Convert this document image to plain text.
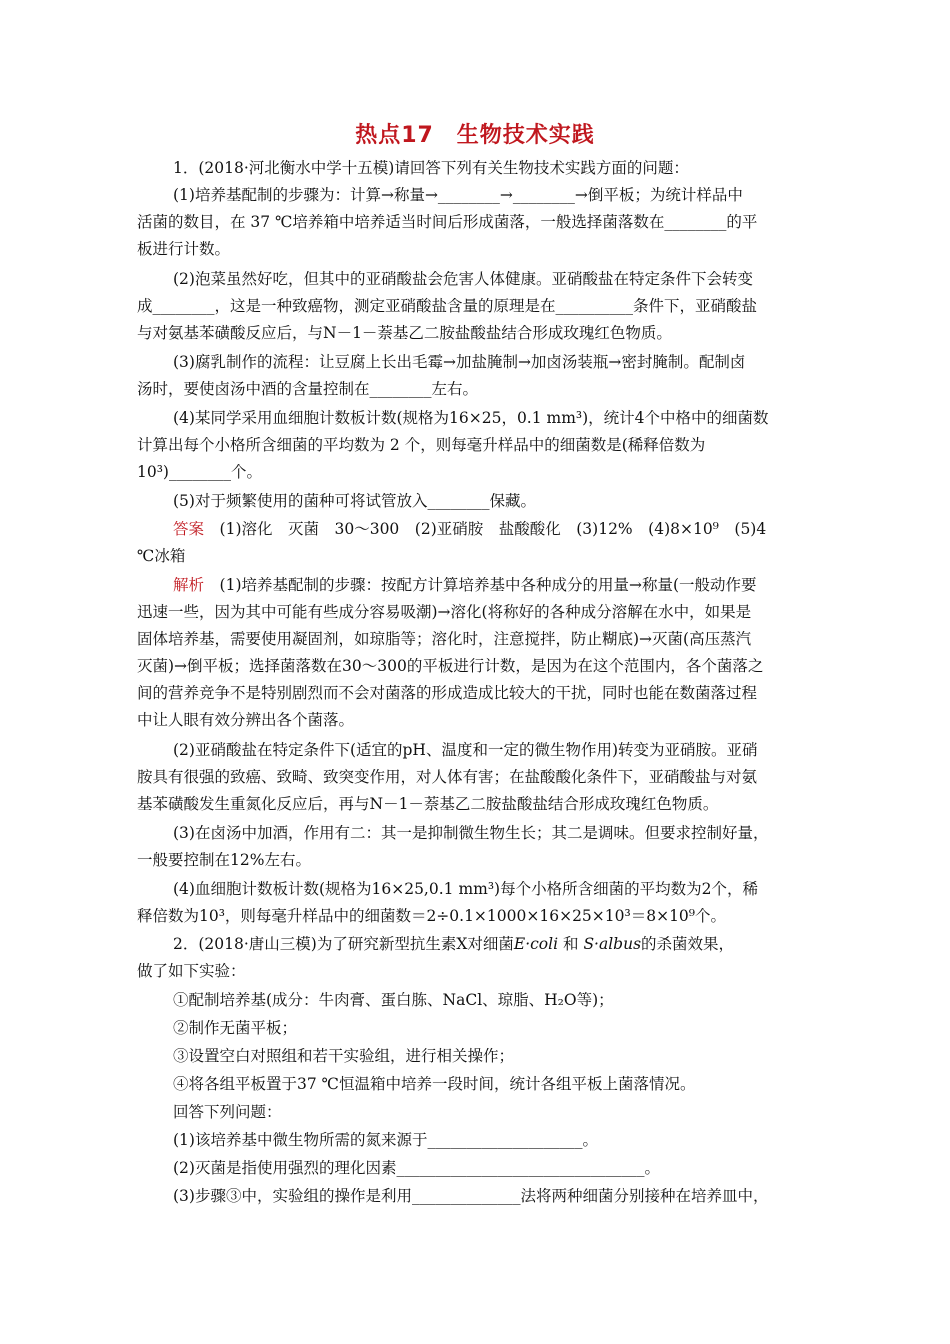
热点17　生物技术实践
1．(2018·河北衡水中学十五模)请回答下列有关生物技术实践方面的问题：
(1)培养基配制的步骤为：计算→称量→________→________→倒平板；为统计样品中
活菌的数目，在 37 ℃培养箱中培养适当时间后形成菌落，一般选择菌落数在________的平
板进行计数。
(2)泡菜虽然好吃，但其中的亚硝酸盐会危害人体健康。亚硝酸盐在特定条件下会转变
成________，这是一种致癌物，测定亚硝酸盐含量的原理是在__________条件下，亚硝酸盐
与对氨基苯磺酸反应后，与N－1－萘基乙二胺盐酸盐结合形成玫瑰红色物质。
(3)腐乳制作的流程：让豆腐上长出毛霉→加盐腌制→加卤汤装瓶→密封腌制。配制卤
汤时，要使卤汤中酒的含量控制在________左右。
(4)某同学采用血细胞计数板计数(规格为16×25，0.1 mm³)，统计4个中格中的细菌数
计算出每个小格所含细菌的平均数为 2 个，则每毫升样品中的细菌数是(稀释倍数为
10³)________个。
(5)对于频繁使用的菌种可将试管放入________保藏。
答案　 (1)溶化　灭菌　30～300　(2)亚硝胺　盐酸酸化　(3)12%　(4)8×10⁹　(5)4
℃冰箱
解析　 (1)培养基配制的步骤：按配方计算培养基中各种成分的用量→称量(一般动作要
迅速一些，因为其中可能有些成分容易吸潮)→溶化(将称好的各种成分溶解在水中，如果是
固体培养基，需要使用凝固剂，如琼脂等；溶化时，注意搅拌，防止糊底)→灭菌(高压蒸汽
灭菌)→倒平板；选择菌落数在30～300的平板进行计数，是因为在这个范围内，各个菌落之
间的营养竞争不是特别剧烈而不会对菌落的形成造成比较大的干扰，同时也能在数菌落过程
中让人眼有效分辨出各个菌落。
(2)亚硝酸盐在特定条件下(适宜的pH、温度和一定的微生物作用)转变为亚硝胺。亚硝
胺具有很强的致癌、致畸、致突变作用，对人体有害；在盐酸酸化条件下，亚硝酸盐与对氨
基苯磺酸发生重氮化反应后，再与N－1－萘基乙二胺盐酸盐结合形成玫瑰红色物质。
(3)在卤汤中加酒，作用有二：其一是抑制微生物生长；其二是调味。但要求控制好量，
一般要控制在12%左右。
(4)血细胞计数板计数(规格为16×25,0.1 mm³)每个小格所含细菌的平均数为2个，稀
释倍数为10³，则每毫升样品中的细菌数＝2÷0.1×1000×16×25×10³＝8×10⁹个。
2．(2018·唐山三模)为了研究新型抗生素X对细菌E·coli 和 S·albus的杀菌效果，
做了如下实验：
①配制培养基(成分：牛肉膏、蛋白胨、NaCl、琼脂、H₂O等)；
②制作无菌平板；
③设置空白对照组和若干实验组，进行相关操作；
④将各组平板置于37 ℃恒温箱中培养一段时间，统计各组平板上菌落情况。
回答下列问题：
(1)该培养基中微生物所需的氮来源于____________________。
(2)灭菌是指使用强烈的理化因素________________________________。
(3)步骤③中，实验组的操作是利用______________法将两种细菌分别接种在培养皿中，
